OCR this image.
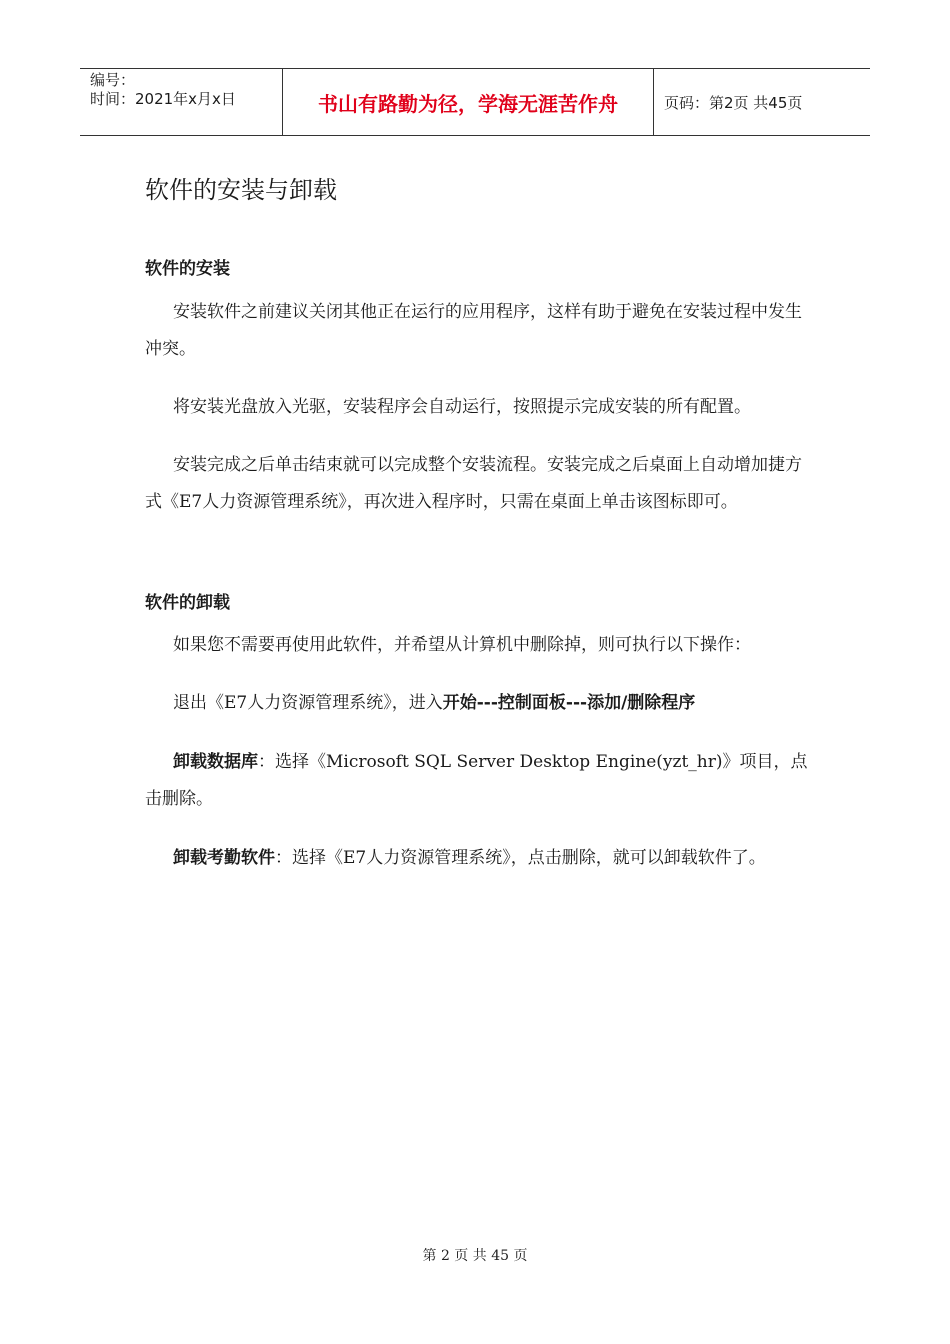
编号：
时间：2021年x月x日	书山有路勤为径，学海无涯苦作舟	页码：第2页 共45页
软件的安装与卸载
软件的安装

安装软件之前建议关闭其他正在运行的应用程序，这样有助于避免在安装过程中发生冲突。

将安装光盘放入光驱，安装程序会自动运行，按照提示完成安装的所有配置。

安装完成之后单击结束就可以完成整个安装流程。安装完成之后桌面上自动增加捷方式《E7人力资源管理系统》，再次进入程序时，只需在桌面上单击该图标即可。

软件的卸载

如果您不需要再使用此软件，并希望从计算机中删除掉，则可执行以下操作：

退出《E7人力资源管理系统》，进入开始---控制面板---添加/删除程序

卸载数据库：选择《Microsoft SQL Server Desktop Engine(yzt_hr)》项目，点击删除。

卸载考勤软件：选择《E7人力资源管理系统》，点击删除，就可以卸载软件了。

第 2 页 共 45 页
